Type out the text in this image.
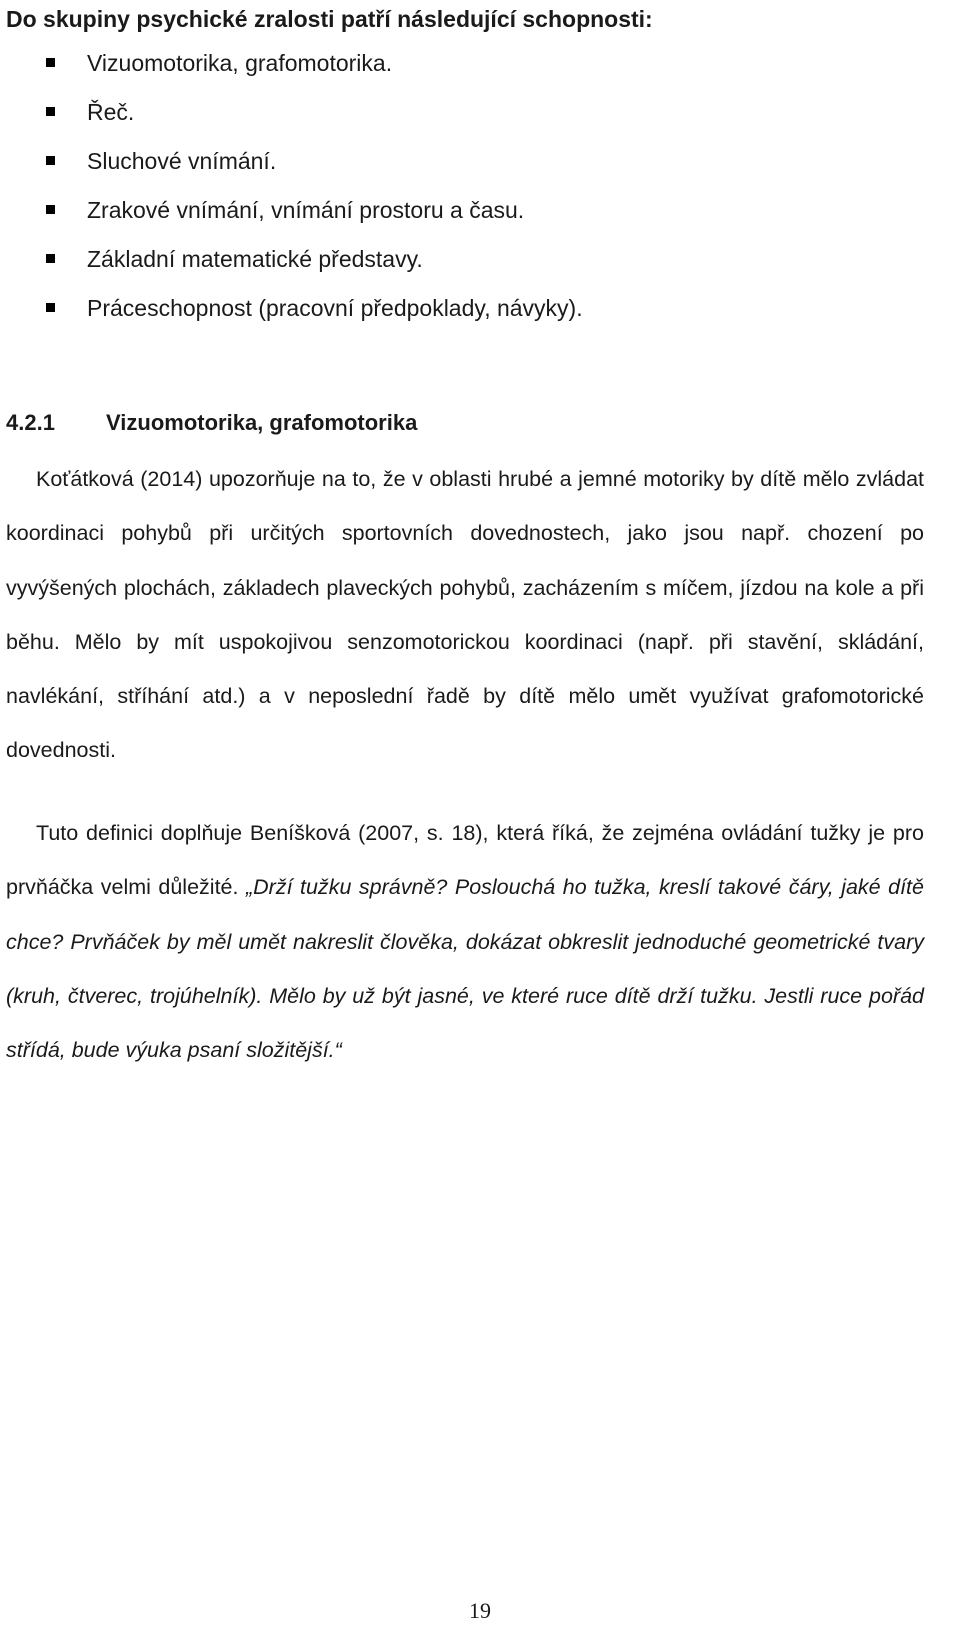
Do skupiny psychické zralosti patří následující schopnosti:
Vizuomotorika, grafomotorika.
Řeč.
Sluchové vnímání.
Zrakové vnímání, vnímání prostoru a času.
Základní matematické představy.
Práceschopnost (pracovní předpoklady, návyky).
4.2.1 Vizuomotorika, grafomotorika

Koťátková (2014) upozorňuje na to, že v oblasti hrubé a jemné motoriky by dítě mělo zvládat koordinaci pohybů při určitých sportovních dovednostech, jako jsou např. chození po vyvýšených plochách, základech plaveckých pohybů, zacházením s míčem, jízdou na kole a při běhu. Mělo by mít uspokojivou senzomotorickou koordinaci (např. při stavění, skládání, navlékání, stříhání atd.) a v neposlední řadě by dítě mělo umět využívat grafomotorické dovednosti.

Tuto definici doplňuje Beníšková (2007, s. 18), která říká, že zejména ovládání tužky je pro prvňáčka velmi důležité. „Drží tužku správně? Poslouchá ho tužka, kreslí takové čáry, jaké dítě chce? Prvňáček by měl umět nakreslit člověka, dokázat obkreslit jednoduché geometrické tvary (kruh, čtverec, trojúhelník). Mělo by už být jasné, ve které ruce dítě drží tužku. Jestli ruce pořád střídá, bude výuka psaní složitější.“

19
